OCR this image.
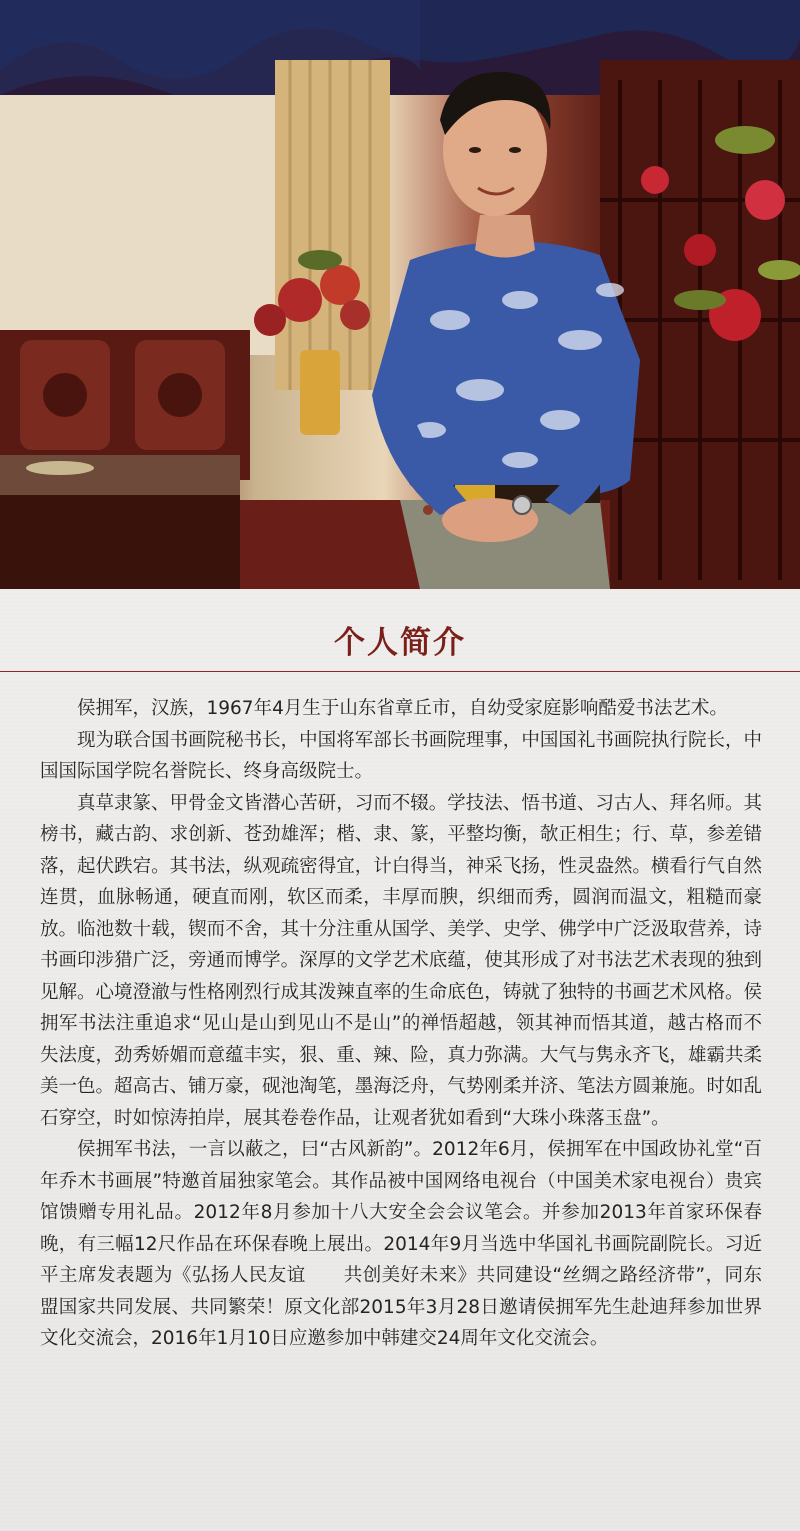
个人简介

侯拥军，汉族，1967年4月生于山东省章丘市，自幼受家庭影响酷爱书法艺术。

现为联合国书画院秘书长，中国将军部长书画院理事，中国国礼书画院执行院长，中国国际国学院名誉院长、终身高级院士。

真草隶篆、甲骨金文皆潜心苦研，习而不辍。学技法、悟书道、习古人、拜名师。其榜书，藏古韵、求创新、苍劲雄浑；楷、隶、篆，平整均衡，欹正相生；行、草，参差错落，起伏跌宕。其书法，纵观疏密得宜，计白得当，神采飞扬，性灵盎然。横看行气自然连贯，血脉畅通，硬直而刚，软区而柔，丰厚而腴，织细而秀，圆润而温文，粗糙而豪放。临池数十载，锲而不舍，其十分注重从国学、美学、史学、佛学中广泛汲取营养，诗书画印涉猎广泛，旁通而博学。深厚的文学艺术底蕴，使其形成了对书法艺术表现的独到见解。心境澄澈与性格刚烈行成其泼辣直率的生命底色，铸就了独特的书画艺术风格。侯拥军书法注重追求“见山是山到见山不是山”的禅悟超越，领其神而悟其道，越古格而不失法度，劲秀娇媚而意蕴丰实，狠、重、辣、险，真力弥满。大气与隽永齐飞，雄霸共柔美一色。超高古、铺万豪，砚池淘笔，墨海泛舟，气势刚柔并济、笔法方圆兼施。时如乱石穿空，时如惊涛拍岸，展其卷卷作品，让观者犹如看到“大珠小珠落玉盘”。

侯拥军书法，一言以蔽之，曰“古风新韵”。2012年6月，侯拥军在中国政协礼堂“百年乔木书画展”特邀首届独家笔会。其作品被中国网络电视台（中国美术家电视台）贵宾馆馈赠专用礼品。2012年8月参加十八大安全会会议笔会。并参加2013年首家环保春晚，有三幅12尺作品在环保春晚上展出。2014年9月当选中华国礼书画院副院长。习近平主席发表题为《弘扬人民友谊　　共创美好未来》共同建设“丝绸之路经济带”，同东盟国家共同发展、共同繁荣！原文化部2015年3月28日邀请侯拥军先生赴迪拜参加世界文化交流会，2016年1月10日应邀参加中韩建交24周年文化交流会。
